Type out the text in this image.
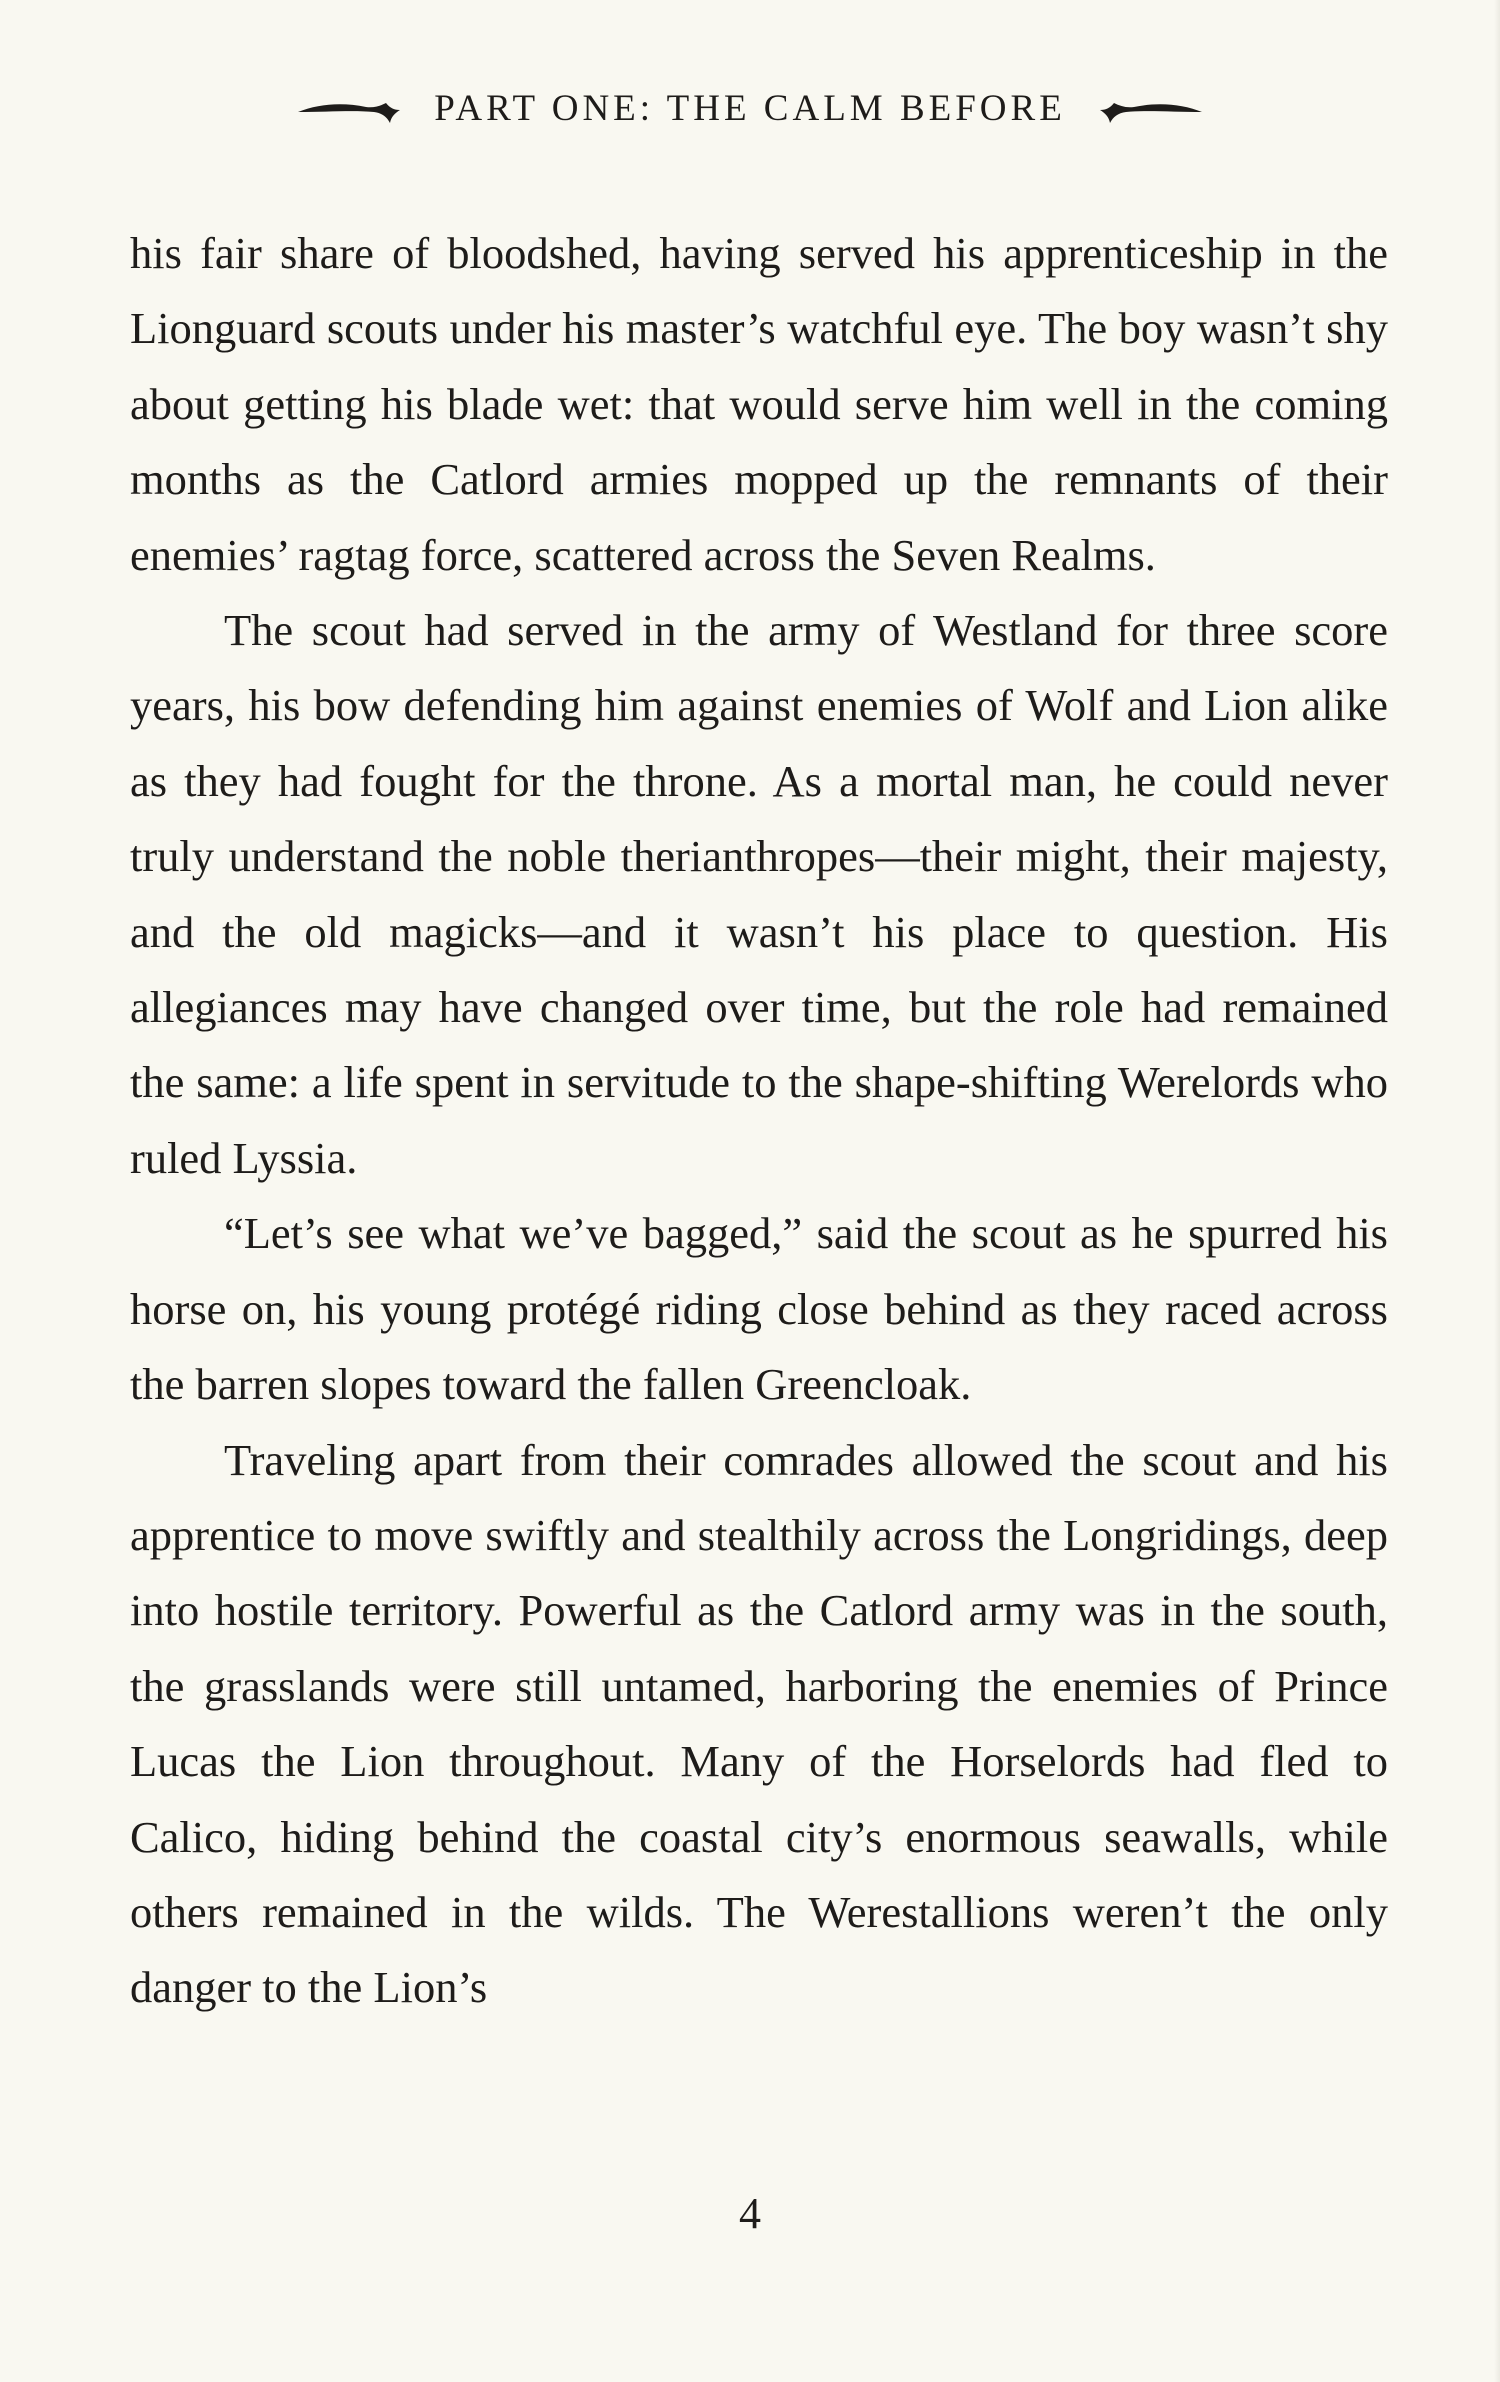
PART ONE: THE CALM BEFORE

his fair share of bloodshed, having served his apprenticeship in the Lionguard scouts under his master’s watchful eye. The boy wasn’t shy about getting his blade wet: that would serve him well in the coming months as the Catlord armies mopped up the remnants of their enemies’ ragtag force, scattered across the Seven Realms.

The scout had served in the army of Westland for three score years, his bow defending him against enemies of Wolf and Lion alike as they had fought for the throne. As a mortal man, he could never truly understand the noble therianthropes—their might, their majesty, and the old magicks—and it wasn’t his place to question. His allegiances may have changed over time, but the role had remained the same: a life spent in servitude to the shape-shifting Werelords who ruled Lyssia.

“Let’s see what we’ve bagged,” said the scout as he spurred his horse on, his young protégé riding close behind as they raced across the barren slopes toward the fallen Greencloak.

Traveling apart from their comrades allowed the scout and his apprentice to move swiftly and stealthily across the Longridings, deep into hostile territory. Powerful as the Catlord army was in the south, the grasslands were still untamed, harboring the enemies of Prince Lucas the Lion throughout. Many of the Horselords had fled to Calico, hiding behind the coastal city’s enormous seawalls, while others remained in the wilds. The Werestallions weren’t the only danger to the Lion’s

4
